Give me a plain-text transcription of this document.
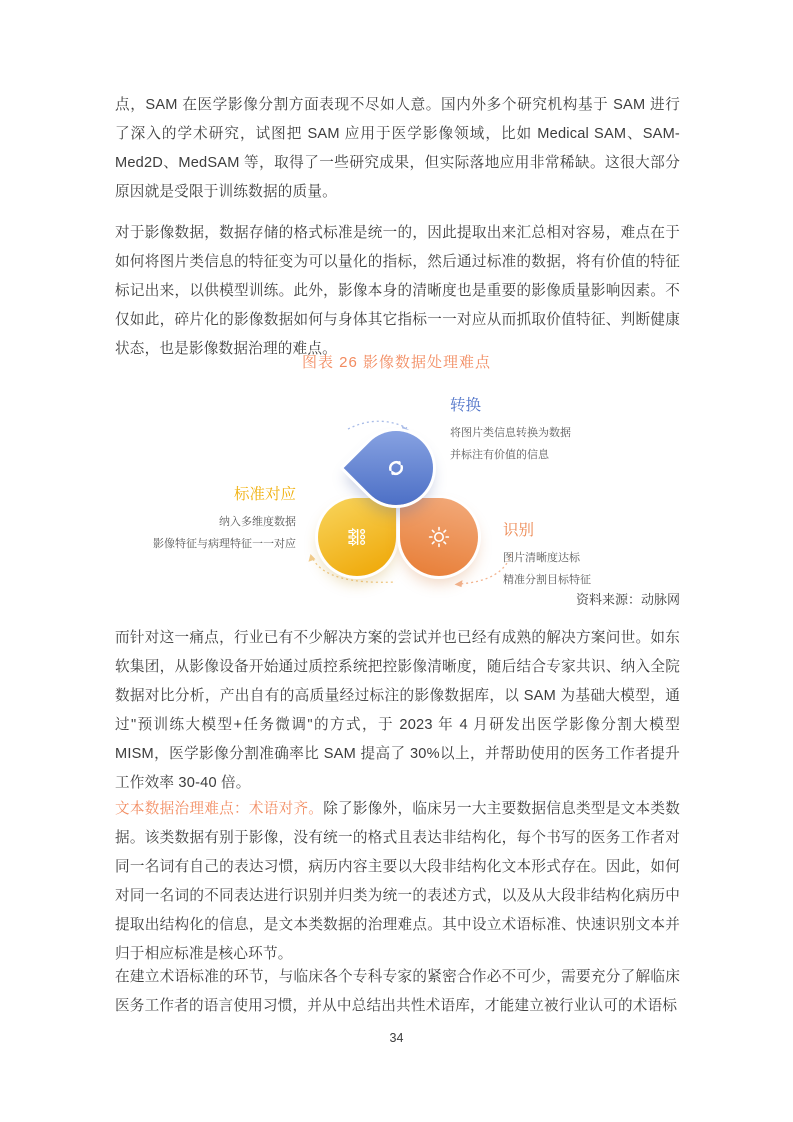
点，SAM 在医学影像分割方面表现不尽如人意。国内外多个研究机构基于 SAM 进行了深入的学术研究，试图把 SAM 应用于医学影像领域，比如 Medical SAM、SAM-Med2D、MedSAM 等，取得了一些研究成果，但实际落地应用非常稀缺。这很大部分原因就是受限于训练数据的质量。

对于影像数据，数据存储的格式标准是统一的，因此提取出来汇总相对容易，难点在于如何将图片类信息的特征变为可以量化的指标，然后通过标准的数据，将有价值的特征标记出来，以供模型训练。此外，影像本身的清晰度也是重要的影像质量影响因素。不仅如此，碎片化的影像数据如何与身体其它指标一一对应从而抓取价值特征、判断健康状态，也是影像数据治理的难点。

图表 26 影像数据处理难点
转换
将图片类信息转换为数据
并标注有价值的信息
标准对应
纳入多维度数据
影像特征与病理特征一一对应
识别
图片清晰度达标
精准分割目标特征
资料来源：动脉网

而针对这一痛点，行业已有不少解决方案的尝试并也已经有成熟的解决方案问世。如东软集团，从影像设备开始通过质控系统把控影像清晰度，随后结合专家共识、纳入全院数据对比分析，产出自有的高质量经过标注的影像数据库，以 SAM 为基础大模型，通过"预训练大模型+任务微调"的方式，于 2023 年 4 月研发出医学影像分割大模型 MISM，医学影像分割准确率比 SAM 提高了 30%以上，并帮助使用的医务工作者提升工作效率 30-40 倍。

文本数据治理难点：术语对齐。除了影像外，临床另一大主要数据信息类型是文本类数据。该类数据有别于影像，没有统一的格式且表达非结构化，每个书写的医务工作者对同一名词有自己的表达习惯，病历内容主要以大段非结构化文本形式存在。因此，如何对同一名词的不同表达进行识别并归类为统一的表述方式，以及从大段非结构化病历中提取出结构化的信息，是文本类数据的治理难点。其中设立术语标准、快速识别文本并归于相应标准是核心环节。

在建立术语标准的环节，与临床各个专科专家的紧密合作必不可少，需要充分了解临床医务工作者的语言使用习惯，并从中总结出共性术语库，才能建立被行业认可的术语标

34
